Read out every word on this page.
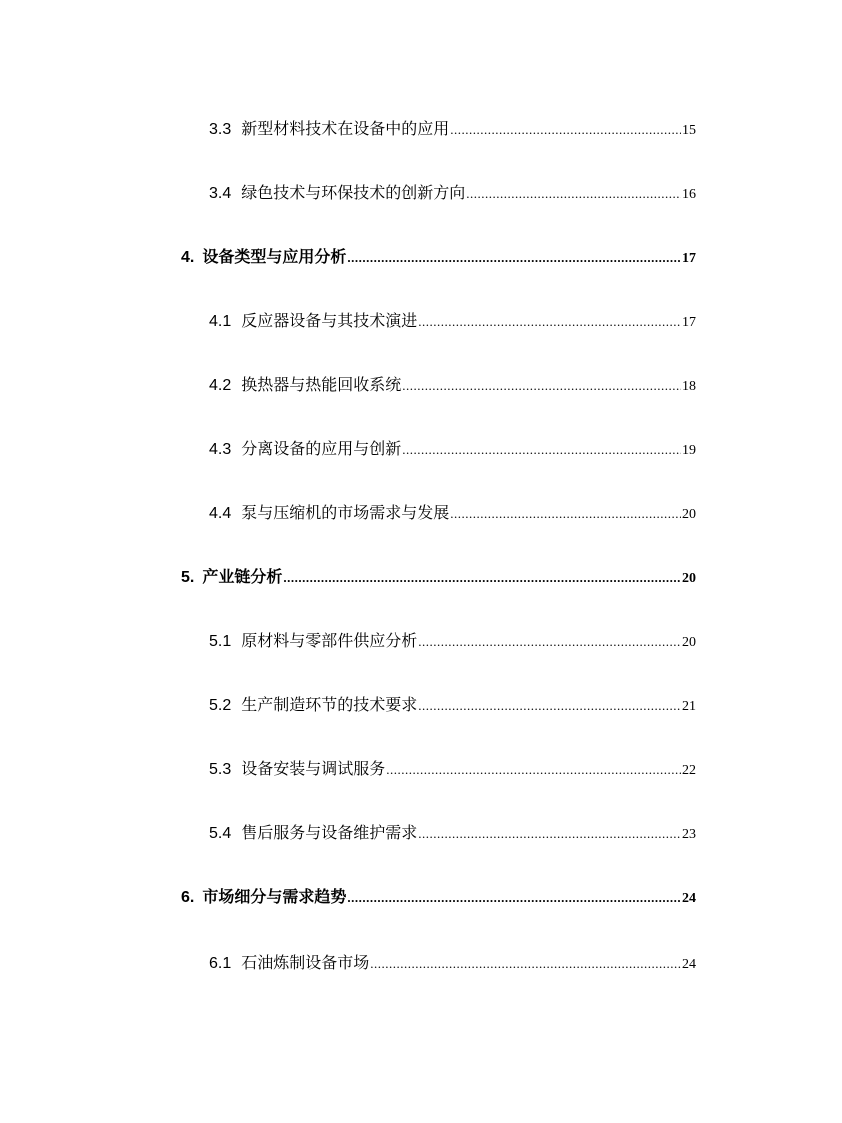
3.3 新型材料技术在设备中的应用 .....	15
3.4 绿色技术与环保技术的创新方向 .....	16
4. 设备类型与应用分析 .....	17
4.1 反应器设备与其技术演进 .....	17
4.2 换热器与热能回收系统 .....	18
4.3 分离设备的应用与创新 .....	19
4.4 泵与压缩机的市场需求与发展 .....	20
5. 产业链分析 .....	20
5.1 原材料与零部件供应分析 .....	20
5.2 生产制造环节的技术要求 .....	21
5.3 设备安装与调试服务 .....	22
5.4 售后服务与设备维护需求 .....	23
6. 市场细分与需求趋势 .....	24
6.1 石油炼制设备市场 .....	24
